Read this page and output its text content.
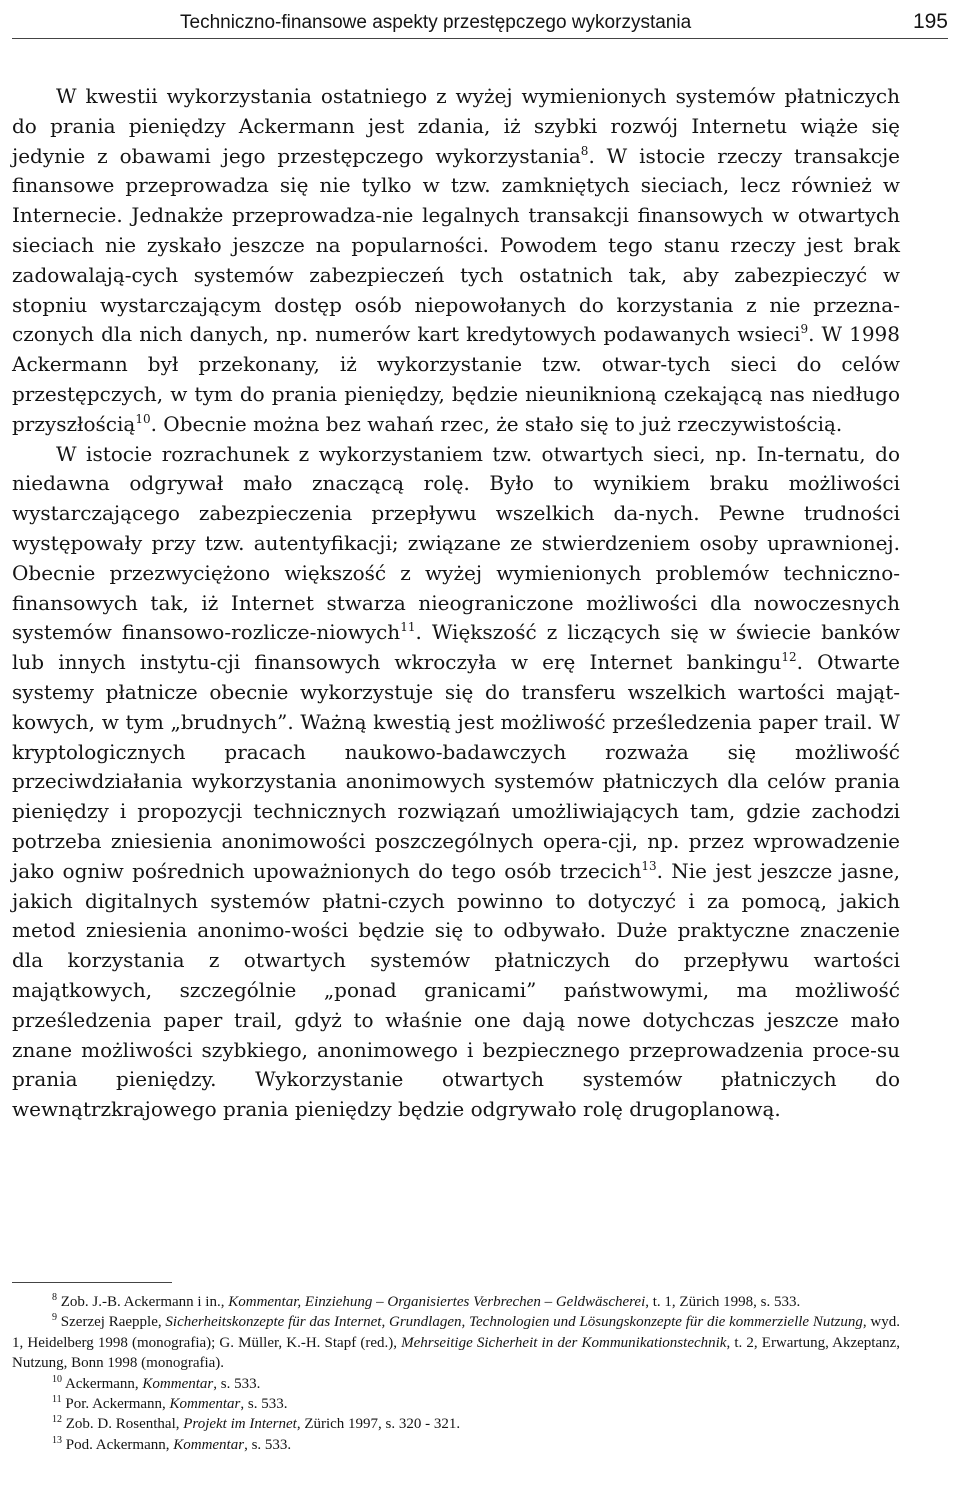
Techniczno-finansowe aspekty przestępczego wykorzystania	195

W kwestii wykorzystania ostatniego z wyżej wymienionych systemów płatniczych do prania pieniędzy Ackermann jest zdania, iż szybki rozwój Internetu wiąże się jedynie z obawami jego przestępczego wykorzystania$^8$. W istocie rzeczy transakcje finansowe przeprowadza się nie tylko w tzw. zamkniętych sieciach, lecz również w Internecie. Jednakże przeprowadza-nie legalnych transakcji finansowych w otwartych sieciach nie zyskało jeszcze na popularności. Powodem tego stanu rzeczy jest brak zadowalają-cych systemów zabezpieczeń tych ostatnich tak, aby zabezpieczyć w stopniu wystarczającym dostęp osób niepowołanych do korzystania z nie przezna-czonych dla nich danych, np. numerów kart kredytowych podawanych wsieci$^9$. W 1998 Ackermann był przekonany, iż wykorzystanie tzw. otwar-tych sieci do celów przestępczych, w tym do prania pieniędzy, będzie nieuniknioną czekającą nas niedługo przyszłością$^{10}$. Obecnie można bez wahań rzec, że stało się to już rzeczywistością.

W istocie rozrachunek z wykorzystaniem tzw. otwartych sieci, np. In-ternatu, do niedawna odgrywał mało znaczącą rolę. Było to wynikiem braku możliwości wystarczającego zabezpieczenia przepływu wszelkich da-nych. Pewne trudności występowały przy tzw. autentyfikacji; związane ze stwierdzeniem osoby uprawnionej. Obecnie przezwyciężono większość z wyżej wymienionych problemów techniczno-finansowych tak, iż Internet stwarza nieograniczone możliwości dla nowoczesnych systemów finansowo-rozlicze-niowych$^{11}$. Większość z liczących się w świecie banków lub innych instytu-cji finansowych wkroczyła w erę Internet bankingu$^{12}$. Otwarte systemy płatnicze obecnie wykorzystuje się do transferu wszelkich wartości mająt-kowych, w tym „brudnych”. Ważną kwestią jest możliwość prześledzenia paper trail. W kryptologicznych pracach naukowo-badawczych rozważa się możliwość przeciwdziałania wykorzystania anonimowych systemów płatniczych dla celów prania pieniędzy i propozycji technicznych rozwiązań umożliwiających tam, gdzie zachodzi potrzeba zniesienia anonimowości poszczególnych opera-cji, np. przez wprowadzenie jako ogniw pośrednich upoważnionych do tego osób trzecich$^{13}$. Nie jest jeszcze jasne, jakich digitalnych systemów płatni-czych powinno to dotyczyć i za pomocą, jakich metod zniesienia anonimo-wości będzie się to odbywało. Duże praktyczne znaczenie dla korzystania z otwartych systemów płatniczych do przepływu wartości majątkowych, szczególnie „ponad granicami” państwowymi, ma możliwość prześledzenia paper trail, gdyż to właśnie one dają nowe dotychczas jeszcze mało znane możliwości szybkiego, anonimowego i bezpiecznego przeprowadzenia proce-su prania pieniędzy. Wykorzystanie otwartych systemów płatniczych do wewnątrzkrajowego prania pieniędzy będzie odgrywało rolę drugoplanową.

$^8$ Zob. J.-B. Ackermann i in., Kommentar, Einziehung – Organisiertes Verbrechen – Geldwäscherei, t. 1, Zürich 1998, s. 533.

$^9$ Szerzej Raepple, Sicherheitskonzepte für das Internet, Grundlagen, Technologien und Lösungskonzepte für die kommerzielle Nutzung, wyd. 1, Heidelberg 1998 (monografia); G. Müller, K.-H. Stapf (red.), Mehrseitige Sicherheit in der Kommunikationstechnik, t. 2, Erwartung, Akzeptanz, Nutzung, Bonn 1998 (monografia).

$^{10}$ Ackermann, Kommentar, s. 533.

$^{11}$ Por. Ackermann, Kommentar, s. 533.

$^{12}$ Zob. D. Rosenthal, Projekt im Internet, Zürich 1997, s. 320 - 321.

$^{13}$ Pod. Ackermann, Kommentar, s. 533.
